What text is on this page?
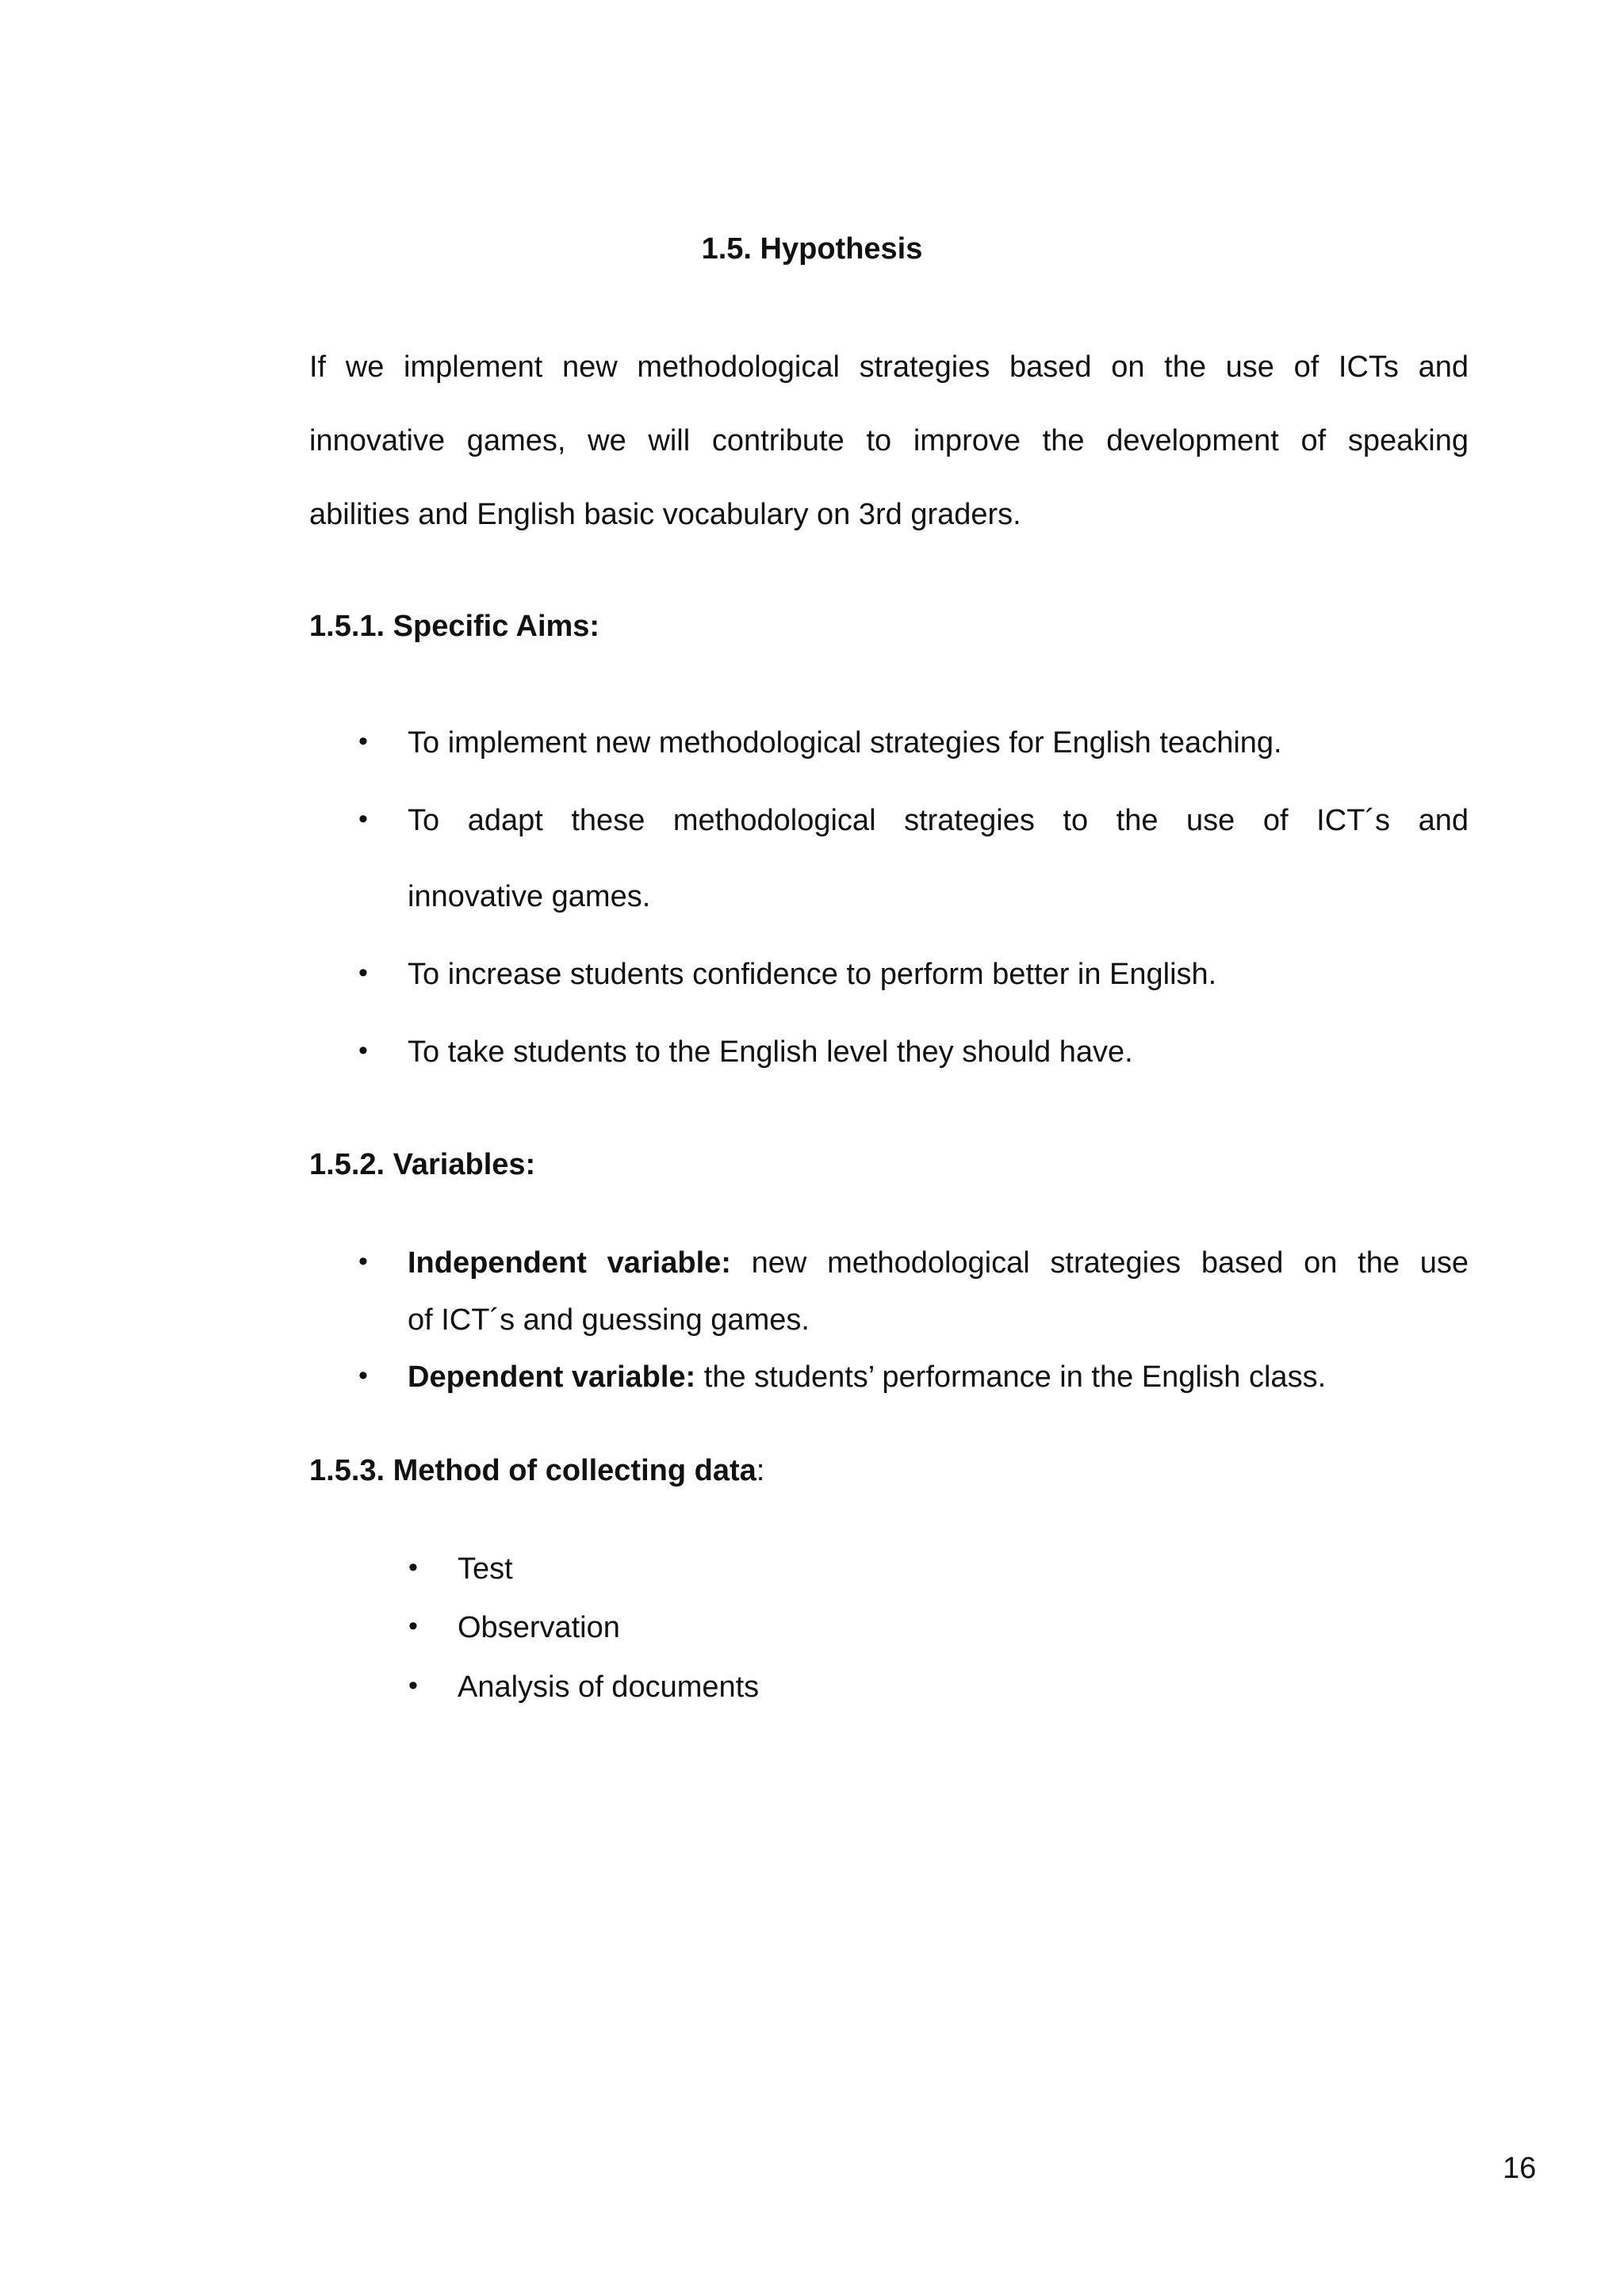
1.5. Hypothesis
If we implement new methodological strategies based on the use of ICTs and
innovative games, we will contribute to improve the development of speaking
abilities and English basic vocabulary on 3rd graders.
1.5.1. Specific Aims:
• To implement new methodological strategies for English teaching.
• To adapt these methodological strategies to the use of ICT´s and
innovative games.
• To increase students confidence to perform better in English.
• To take students to the English level they should have.
1.5.2. Variables:
• Independent variable: new methodological strategies based on the use
of ICT´s and guessing games.
• Dependent variable: the students’ performance in the English class.
1.5.3. Method of collecting data:
• Test
• Observation
• Analysis of documents
16
